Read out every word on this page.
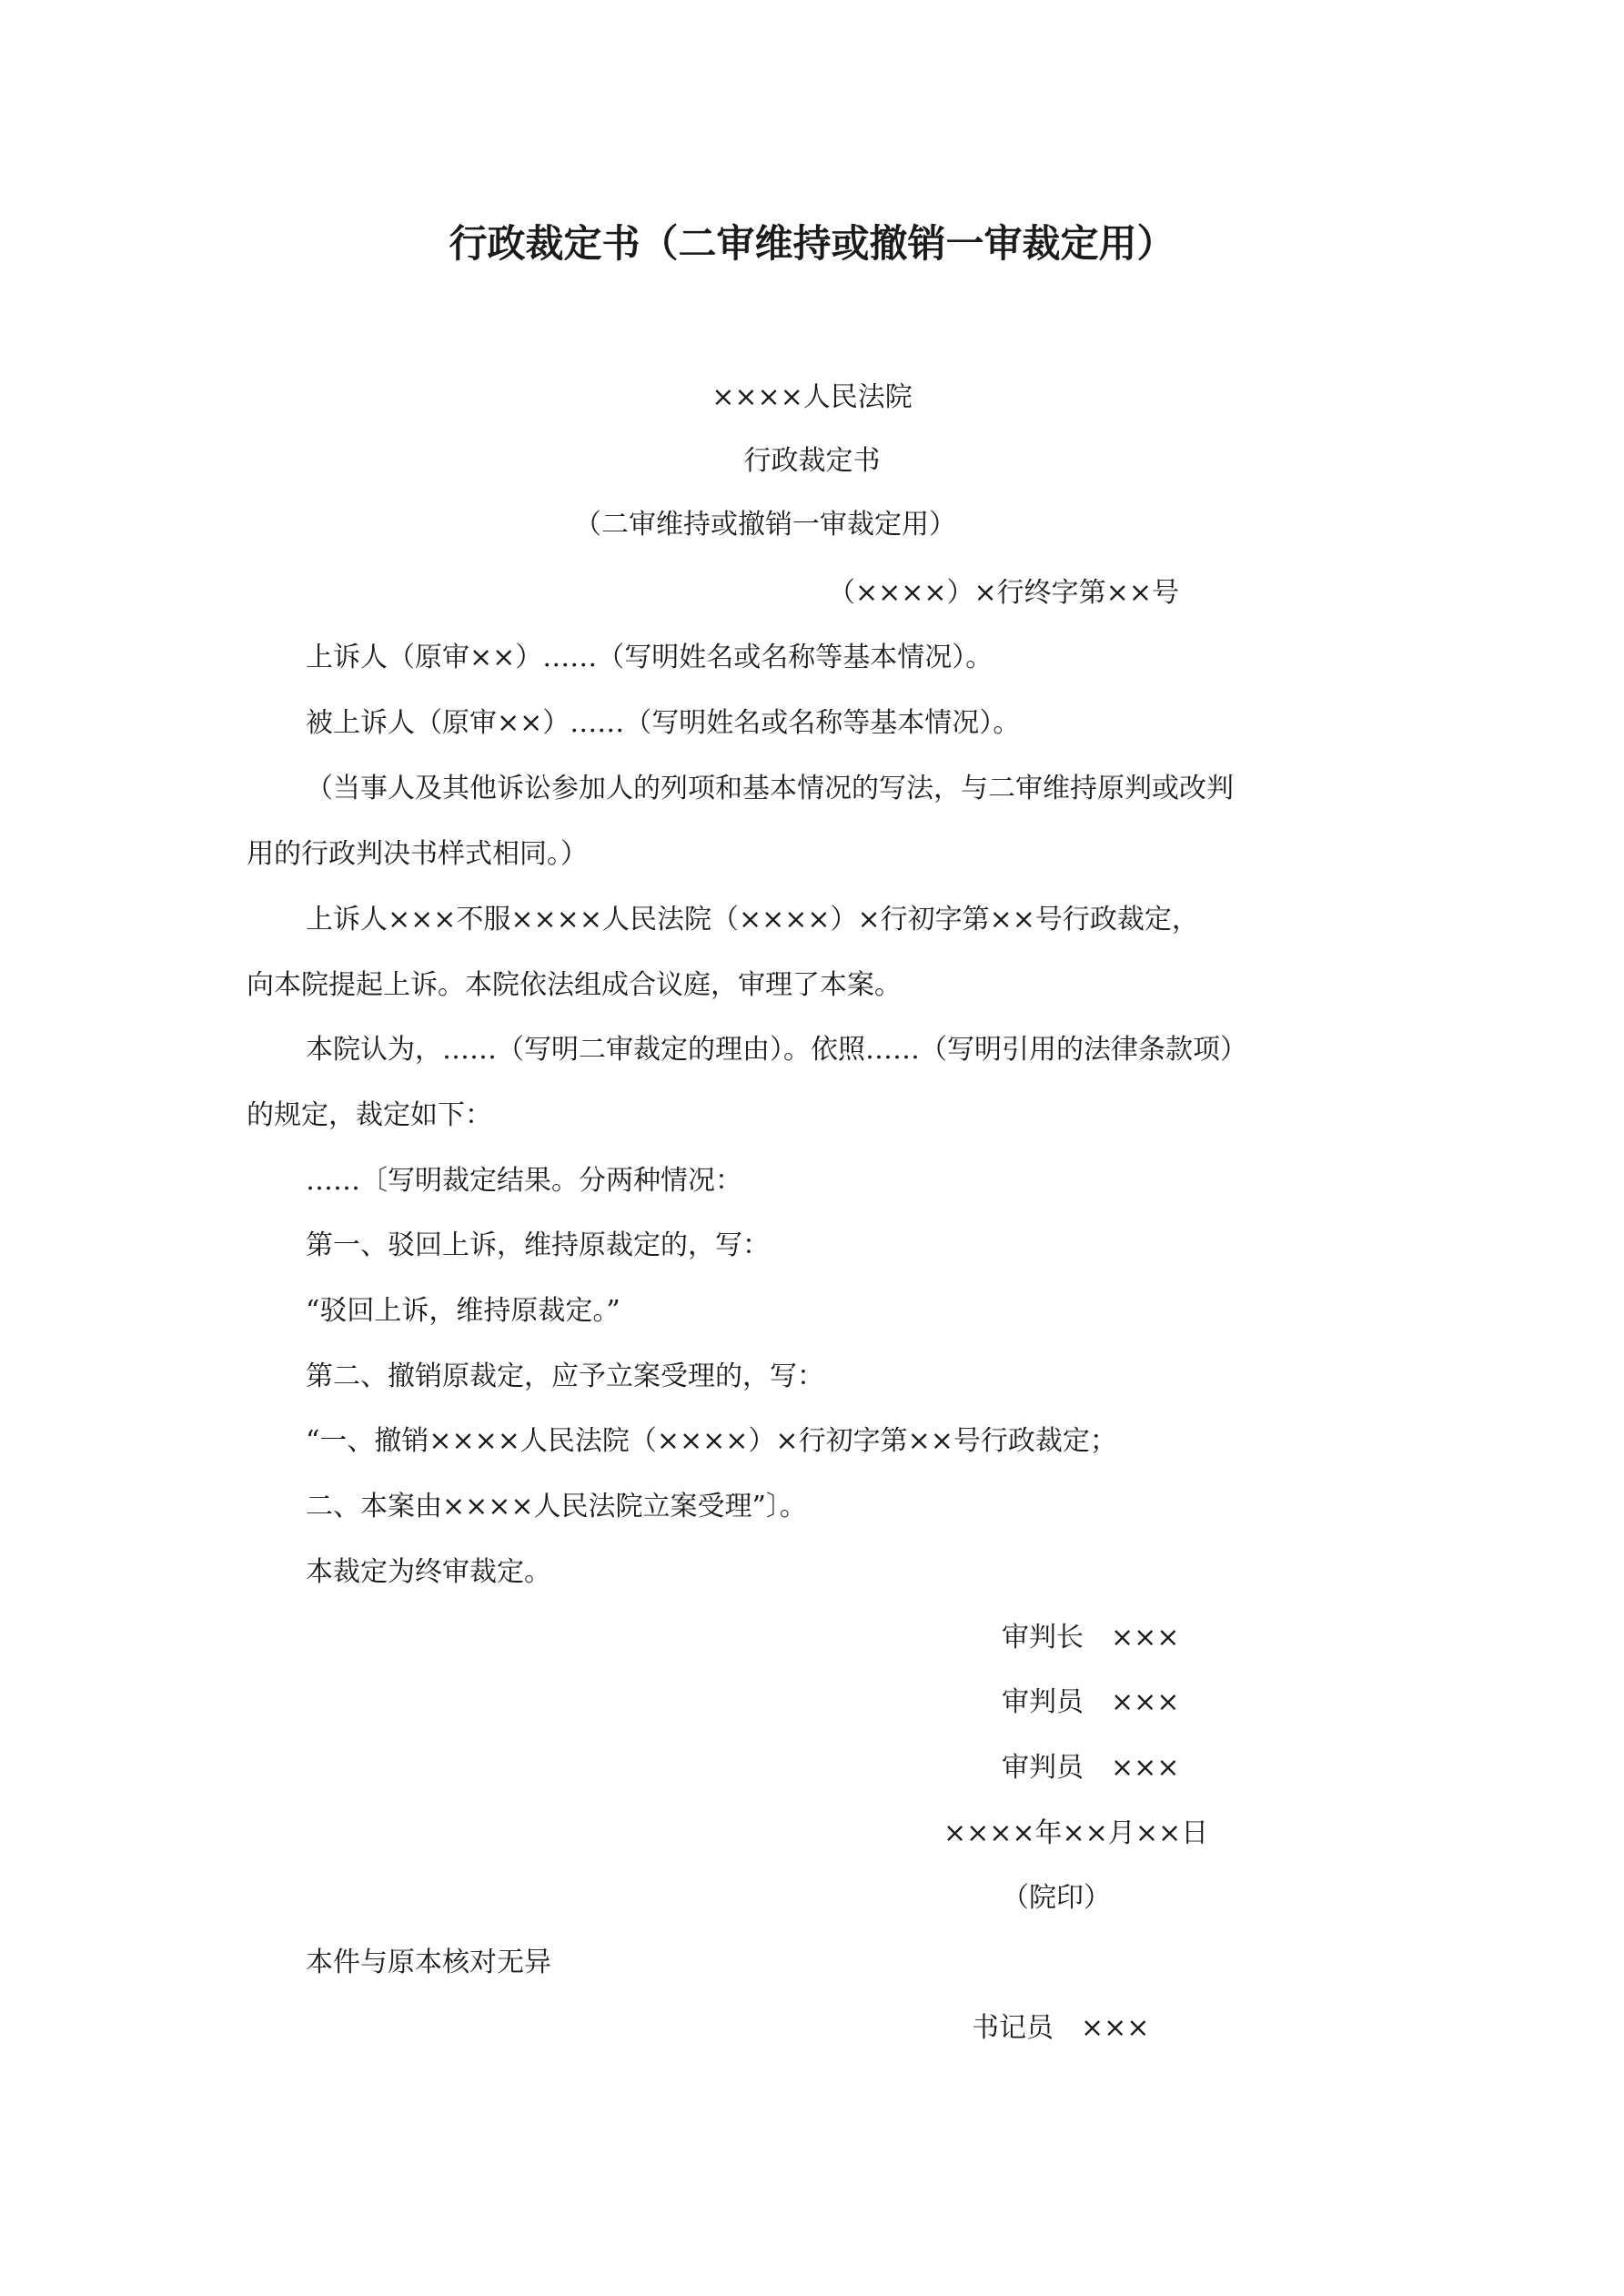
行政裁定书（二审维持或撤销一审裁定用）
××××人民法院
行政裁定书
（二审维持或撤销一审裁定用）
（××××）×行终字第××号
上诉人（原审××）……（写明姓名或名称等基本情况）。
被上诉人（原审××）……（写明姓名或名称等基本情况）。
（当事人及其他诉讼参加人的列项和基本情况的写法，与二审维持原判或改判
用的行政判决书样式相同。）
上诉人×××不服××××人民法院（××××）×行初字第××号行政裁定，
向本院提起上诉。本院依法组成合议庭，审理了本案。
本院认为，……（写明二审裁定的理由）。依照……（写明引用的法律条款项）
的规定，裁定如下：
……〔写明裁定结果。分两种情况：
第一、驳回上诉，维持原裁定的，写：
“驳回上诉，维持原裁定。”
第二、撤销原裁定，应予立案受理的，写：
“一、撤销××××人民法院（××××）×行初字第××号行政裁定；
二、本案由××××人民法院立案受理”〕。
本裁定为终审裁定。
审判长　×××
审判员　×××
审判员　×××
××××年××月××日
（院印）
本件与原本核对无异
书记员　×××
